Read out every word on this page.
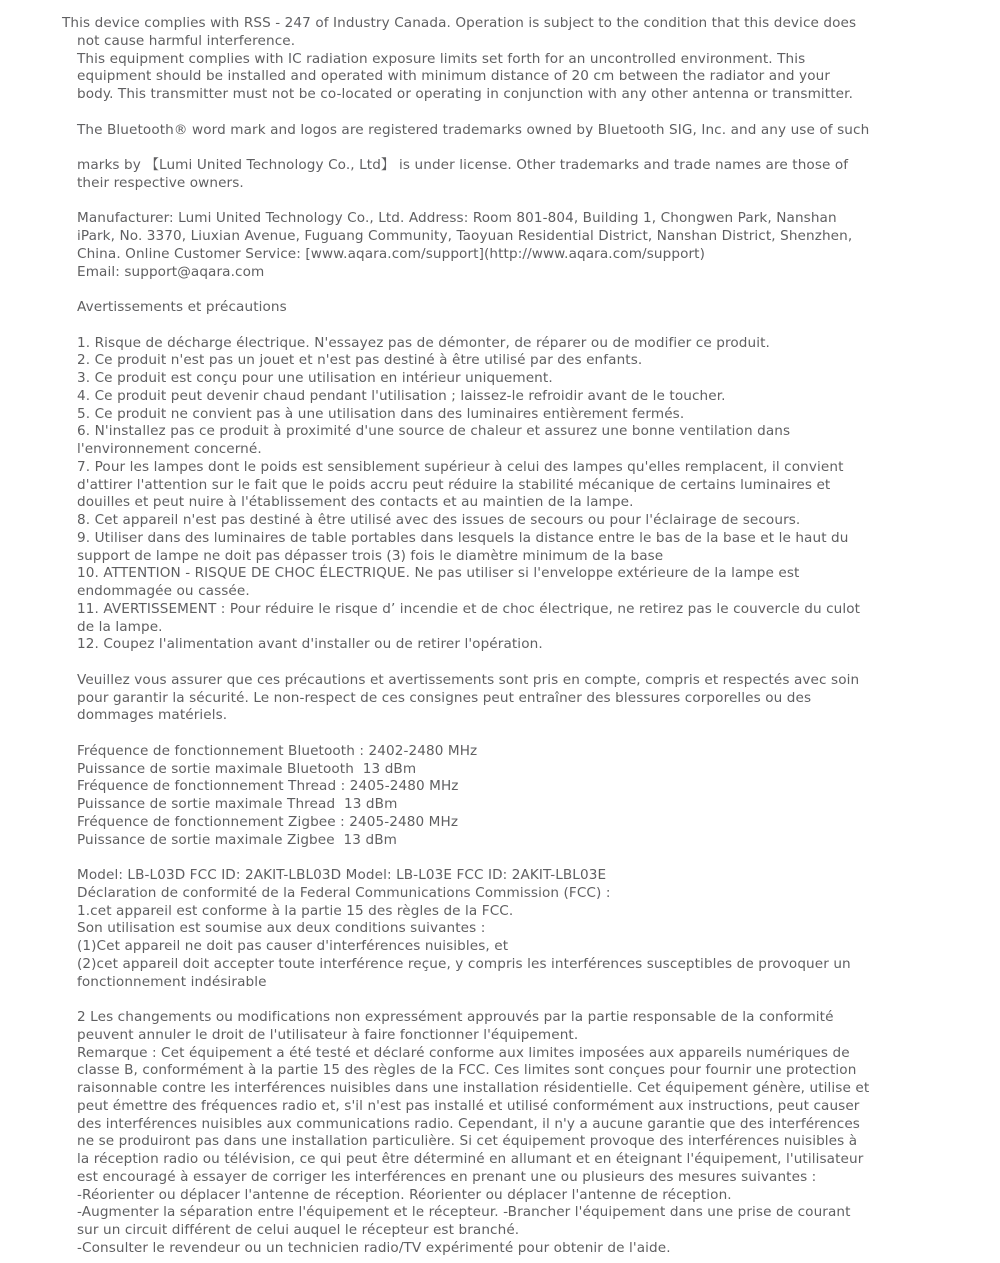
This device complies with RSS - 247 of Industry Canada. Operation is subject to the condition that this device does
not cause harmful interference.
This equipment complies with IC radiation exposure limits set forth for an uncontrolled environment. This
equipment should be installed and operated with minimum distance of 20 cm between the radiator and your
body. This transmitter must not be co-located or operating in conjunction with any other antenna or transmitter.

The Bluetooth® word mark and logos are registered trademarks owned by Bluetooth SIG, Inc. and any use of such

marks by 【Lumi United Technology Co., Ltd】 is under license. Other trademarks and trade names are those of
their respective owners.

Manufacturer: Lumi United Technology Co., Ltd. Address: Room 801-804, Building 1, Chongwen Park, Nanshan
iPark, No. 3370, Liuxian Avenue, Fuguang Community, Taoyuan Residential District, Nanshan District, Shenzhen,
China. Online Customer Service: [www.aqara.com/support](http://www.aqara.com/support)
Email: support@aqara.com

Avertissements et précautions

1. Risque de décharge électrique. N'essayez pas de démonter, de réparer ou de modifier ce produit.
2. Ce produit n'est pas un jouet et n'est pas destiné à être utilisé par des enfants.
3. Ce produit est conçu pour une utilisation en intérieur uniquement.
4. Ce produit peut devenir chaud pendant l'utilisation ; laissez-le refroidir avant de le toucher.
5. Ce produit ne convient pas à une utilisation dans des luminaires entièrement fermés.
6. N'installez pas ce produit à proximité d'une source de chaleur et assurez une bonne ventilation dans
l'environnement concerné.
7. Pour les lampes dont le poids est sensiblement supérieur à celui des lampes qu'elles remplacent, il convient
d'attirer l'attention sur le fait que le poids accru peut réduire la stabilité mécanique de certains luminaires et
douilles et peut nuire à l'établissement des contacts et au maintien de la lampe.
8. Cet appareil n'est pas destiné à être utilisé avec des issues de secours ou pour l'éclairage de secours.
9. Utiliser dans des luminaires de table portables dans lesquels la distance entre le bas de la base et le haut du
support de lampe ne doit pas dépasser trois (3) fois le diamètre minimum de la base
10. ATTENTION - RISQUE DE CHOC ÉLECTRIQUE. Ne pas utiliser si l'enveloppe extérieure de la lampe est
endommagée ou cassée.
11. AVERTISSEMENT : Pour réduire le risque d’ incendie et de choc électrique, ne retirez pas le couvercle du culot
de la lampe.
12. Coupez l'alimentation avant d'installer ou de retirer l'opération.

Veuillez vous assurer que ces précautions et avertissements sont pris en compte, compris et respectés avec soin
pour garantir la sécurité. Le non-respect de ces consignes peut entraîner des blessures corporelles ou des
dommages matériels.

Fréquence de fonctionnement Bluetooth : 2402-2480 MHz
Puissance de sortie maximale Bluetooth  13 dBm
Fréquence de fonctionnement Thread : 2405-2480 MHz
Puissance de sortie maximale Thread  13 dBm
Fréquence de fonctionnement Zigbee : 2405-2480 MHz
Puissance de sortie maximale Zigbee  13 dBm

Model: LB-L03D FCC ID: 2AKIT-LBL03D Model: LB-L03E FCC ID: 2AKIT-LBL03E
Déclaration de conformité de la Federal Communications Commission (FCC) :
1.cet appareil est conforme à la partie 15 des règles de la FCC.
Son utilisation est soumise aux deux conditions suivantes :
(1)Cet appareil ne doit pas causer d'interférences nuisibles, et
(2)cet appareil doit accepter toute interférence reçue, y compris les interférences susceptibles de provoquer un
fonctionnement indésirable

2 Les changements ou modifications non expressément approuvés par la partie responsable de la conformité
peuvent annuler le droit de l'utilisateur à faire fonctionner l'équipement.
Remarque : Cet équipement a été testé et déclaré conforme aux limites imposées aux appareils numériques de
classe B, conformément à la partie 15 des règles de la FCC. Ces limites sont conçues pour fournir une protection
raisonnable contre les interférences nuisibles dans une installation résidentielle. Cet équipement génère, utilise et
peut émettre des fréquences radio et, s'il n'est pas installé et utilisé conformément aux instructions, peut causer
des interférences nuisibles aux communications radio. Cependant, il n'y a aucune garantie que des interférences
ne se produiront pas dans une installation particulière. Si cet équipement provoque des interférences nuisibles à
la réception radio ou télévision, ce qui peut être déterminé en allumant et en éteignant l'équipement, l'utilisateur
est encouragé à essayer de corriger les interférences en prenant une ou plusieurs des mesures suivantes :
-Réorienter ou déplacer l'antenne de réception. Réorienter ou déplacer l'antenne de réception.
-Augmenter la séparation entre l'équipement et le récepteur. -Brancher l'équipement dans une prise de courant
sur un circuit différent de celui auquel le récepteur est branché.
-Consulter le revendeur ou un technicien radio/TV expérimenté pour obtenir de l'aide.
